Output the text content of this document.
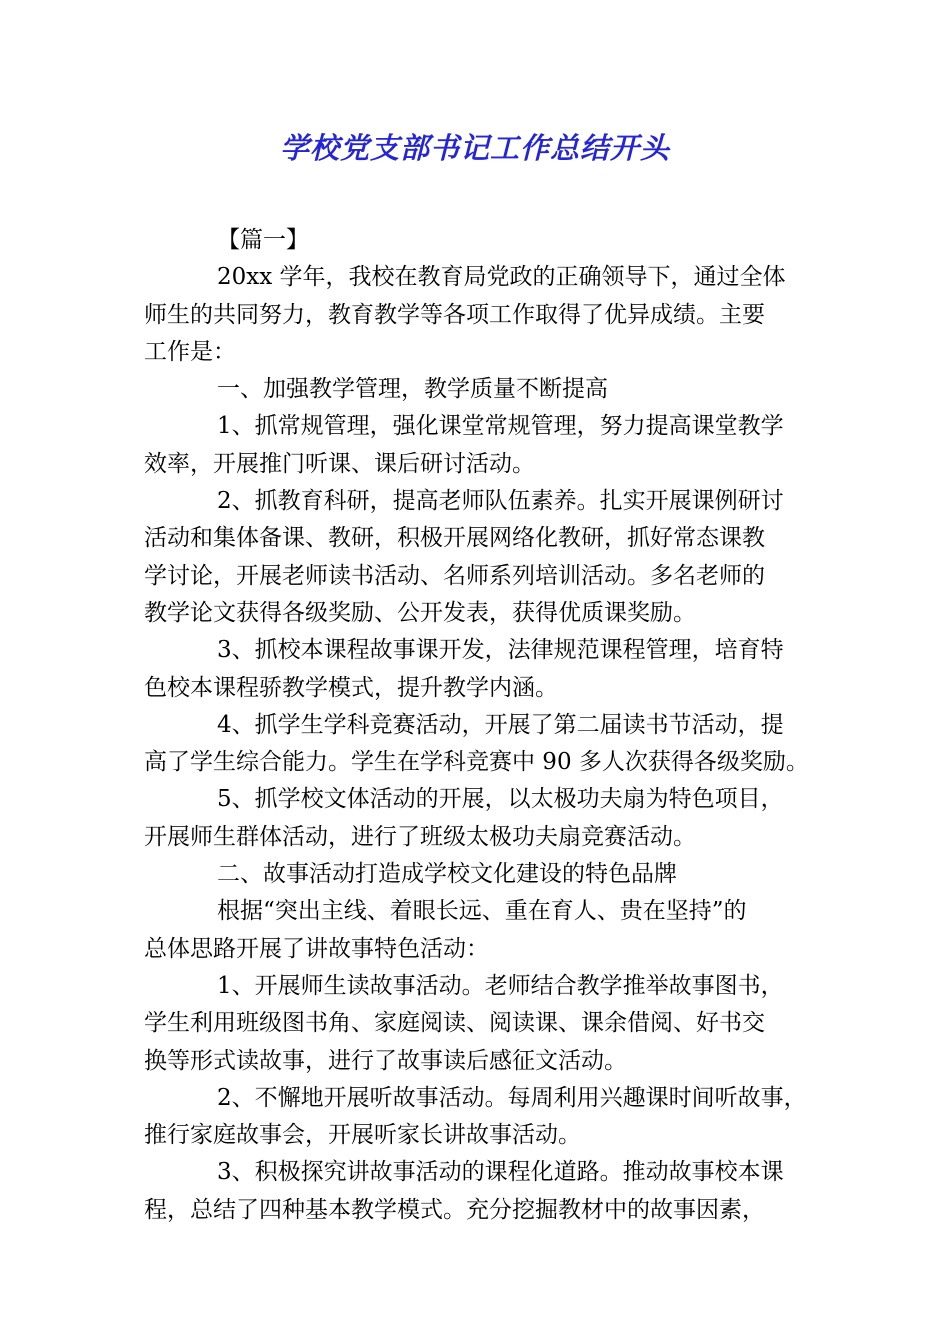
学校党支部书记工作总结开头
【篇一】
20xx 学年，我校在教育局党政的正确领导下，通过全体
师生的共同努力，教育教学等各项工作取得了优异成绩。主要
工作是：
一、加强教学管理，教学质量不断提高
1、抓常规管理，强化课堂常规管理，努力提高课堂教学
效率，开展推门听课、课后研讨活动。
2、抓教育科研，提高老师队伍素养。扎实开展课例研讨
活动和集体备课、教研，积极开展网络化教研，抓好常态课教
学讨论，开展老师读书活动、名师系列培训活动。多名老师的
教学论文获得各级奖励、公开发表，获得优质课奖励。
3、抓校本课程故事课开发，法律规范课程管理，培育特
色校本课程骄教学模式，提升教学内涵。
4、抓学生学科竞赛活动，开展了第二届读书节活动，提
高了学生综合能力。学生在学科竞赛中 90 多人次获得各级奖励。
5、抓学校文体活动的开展，以太极功夫扇为特色项目，
开展师生群体活动，进行了班级太极功夫扇竞赛活动。
二、故事活动打造成学校文化建设的特色品牌
根据“突出主线、着眼长远、重在育人、贵在坚持”的
总体思路开展了讲故事特色活动：
1、开展师生读故事活动。老师结合教学推举故事图书，
学生利用班级图书角、家庭阅读、阅读课、课余借阅、好书交
换等形式读故事，进行了故事读后感征文活动。
2、不懈地开展听故事活动。每周利用兴趣课时间听故事，
推行家庭故事会，开展听家长讲故事活动。
3、积极探究讲故事活动的课程化道路。推动故事校本课
程，总结了四种基本教学模式。充分挖掘教材中的故事因素，
